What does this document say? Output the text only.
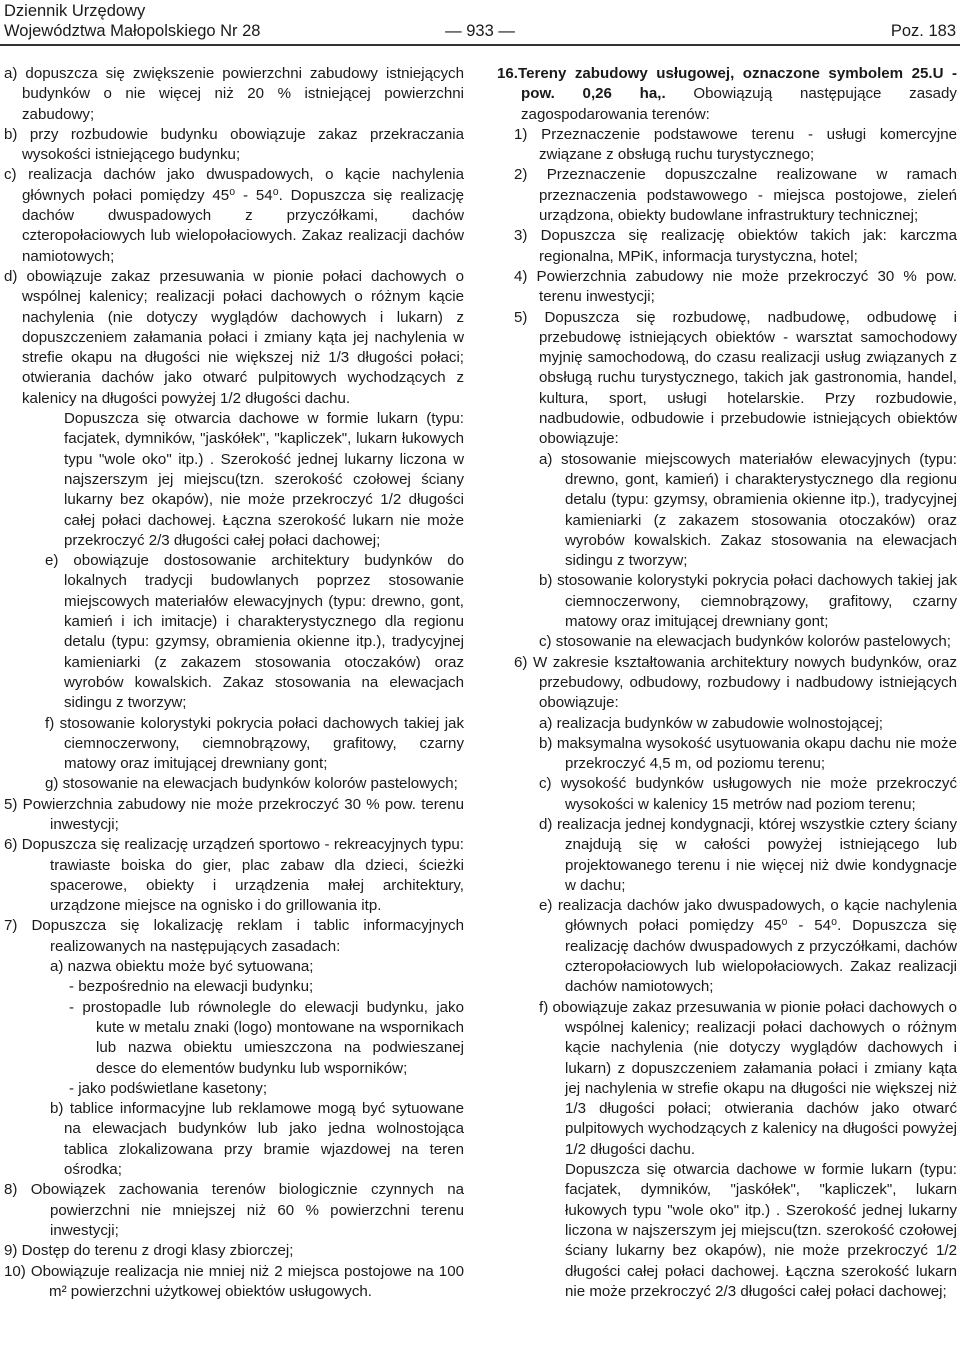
Dziennik Urzędowy
Województwa Małopolskiego Nr 28	— 933 —	Poz. 183

a) dopuszcza się zwiększenie powierzchni zabudowy istniejących budynków o nie więcej niż 20 % istniejącej powierzchni zabudowy;

b) przy rozbudowie budynku obowiązuje zakaz przekraczania wysokości istniejącego budynku;

c) realizacja dachów jako dwuspadowych, o kącie nachylenia głównych połaci pomiędzy 45⁰ - 54⁰. Dopuszcza się realizację dachów dwuspadowych z przyczółkami, dachów czteropołaciowych lub wielopołaciowych. Zakaz realizacji dachów namiotowych;

d) obowiązuje zakaz przesuwania w pionie połaci dachowych o wspólnej kalenicy; realizacji połaci dachowych o różnym kącie nachylenia (nie dotyczy wyglądów dachowych i lukarn) z dopuszczeniem załamania połaci i zmiany kąta jej nachylenia w strefie okapu na długości nie większej niż 1/3 długości połaci; otwierania dachów jako otwarć pulpitowych wychodzących z kalenicy na długości powyżej 1/2 długości dachu.

Dopuszcza się otwarcia dachowe w formie lukarn (typu: facjatek, dymników, "jaskółek", "kapliczek", lukarn łukowych typu "wole oko" itp.) . Szerokość jednej lukarny liczona w najszerszym jej miejscu(tzn. szerokość czołowej ściany lukarny bez okapów), nie może przekroczyć 1/2 długości całej połaci dachowej. Łączna szerokość lukarn nie może przekroczyć 2/3 długości całej połaci dachowej;

e) obowiązuje dostosowanie architektury budynków do lokalnych tradycji budowlanych poprzez stosowanie miejscowych materiałów elewacyjnych (typu: drewno, gont, kamień i ich imitacje) i charakterystycznego dla regionu detalu (typu: gzymsy, obramienia okienne itp.), tradycyjnej kamieniarki (z zakazem stosowania otoczaków) oraz wyrobów kowalskich. Zakaz stosowania na elewacjach sidingu z tworzyw;

f) stosowanie kolorystyki pokrycia połaci dachowych takiej jak ciemnoczerwony, ciemnobrązowy, grafitowy, czarny matowy oraz imitującej drewniany gont;

g) stosowanie na elewacjach budynków kolorów pastelowych;

5) Powierzchnia zabudowy nie może przekroczyć 30 % pow. terenu inwestycji;

6) Dopuszcza się realizację urządzeń sportowo - rekreacyjnych typu: trawiaste boiska do gier, plac zabaw dla dzieci, ścieżki spacerowe, obiekty i urządzenia małej architektury, urządzone miejsce na ognisko i do grillowania itp.

7) Dopuszcza się lokalizację reklam i tablic informacyjnych realizowanych na następujących zasadach:

a) nazwa obiektu może być sytuowana;

- bezpośrednio na elewacji budynku;

- prostopadle lub równolegle do elewacji budynku, jako kute w metalu znaki (logo) montowane na wspornikach lub nazwa obiektu umieszczona na podwieszanej desce do elementów budynku lub wsporników;

- jako podświetlane kasetony;

b) tablice informacyjne lub reklamowe mogą być sytuowane na elewacjach budynków lub jako jedna wolnostojąca tablica zlokalizowana przy bramie wjazdowej na teren ośrodka;

8) Obowiązek zachowania terenów biologicznie czynnych na powierzchni nie mniejszej niż 60 % powierzchni terenu inwestycji;

9) Dostęp do terenu z drogi klasy zbiorczej;

10) Obowiązuje realizacja nie mniej niż 2 miejsca postojowe na 100 m² powierzchni użytkowej obiektów usługowych.

16.Tereny zabudowy usługowej, oznaczone symbolem 25.U - pow. 0,26 ha,. Obowiązują następujące zasady zagospodarowania terenów:

1) Przeznaczenie podstawowe terenu - usługi komercyjne związane z obsługą ruchu turystycznego;

2) Przeznaczenie dopuszczalne realizowane w ramach przeznaczenia podstawowego - miejsca postojowe, zieleń urządzona, obiekty budowlane infrastruktury technicznej;

3) Dopuszcza się realizację obiektów takich jak: karczma regionalna, MPiK, informacja turystyczna, hotel;

4) Powierzchnia zabudowy nie może przekroczyć 30 % pow. terenu inwestycji;

5) Dopuszcza się rozbudowę, nadbudowę, odbudowę i przebudowę istniejących obiektów - warsztat samochodowy myjnię samochodową, do czasu realizacji usług związanych z obsługą ruchu turystycznego, takich jak gastronomia, handel, kultura, sport, usługi hotelarskie. Przy rozbudowie, nadbudowie, odbudowie i przebudowie istniejących obiektów obowiązuje:

a) stosowanie miejscowych materiałów elewacyjnych (typu: drewno, gont, kamień) i charakterystycznego dla regionu detalu (typu: gzymsy, obramienia okienne itp.), tradycyjnej kamieniarki (z zakazem stosowania otoczaków) oraz wyrobów kowalskich. Zakaz stosowania na elewacjach sidingu z tworzyw;

b) stosowanie kolorystyki pokrycia połaci dachowych takiej jak ciemnoczerwony, ciemnobrązowy, grafitowy, czarny matowy oraz imitującej drewniany gont;

c) stosowanie na elewacjach budynków kolorów pastelowych;

6) W zakresie kształtowania architektury nowych budynków, oraz przebudowy, odbudowy, rozbudowy i nadbudowy istniejących obowiązuje:

a) realizacja budynków w zabudowie wolnostojącej;

b) maksymalna wysokość usytuowania okapu dachu nie może przekroczyć 4,5 m, od poziomu terenu;

c) wysokość budynków usługowych nie może przekroczyć wysokości w kalenicy 15 metrów nad poziom terenu;

d) realizacja jednej kondygnacji, której wszystkie cztery ściany znajdują się w całości powyżej istniejącego lub projektowanego terenu i nie więcej niż dwie kondygnacje w dachu;

e) realizacja dachów jako dwuspadowych, o kącie nachylenia głównych połaci pomiędzy 45⁰ - 54⁰. Dopuszcza się realizację dachów dwuspadowych z przyczółkami, dachów czteropołaciowych lub wielopołaciowych. Zakaz realizacji dachów namiotowych;

f) obowiązuje zakaz przesuwania w pionie połaci dachowych o wspólnej kalenicy; realizacji połaci dachowych o różnym kącie nachylenia (nie dotyczy wyglądów dachowych i lukarn) z dopuszczeniem załamania połaci i zmiany kąta jej nachylenia w strefie okapu na długości nie większej niż 1/3 długości połaci; otwierania dachów jako otwarć pulpitowych wychodzących z kalenicy na długości powyżej 1/2 długości dachu.

Dopuszcza się otwarcia dachowe w formie lukarn (typu: facjatek, dymników, "jaskółek", "kapliczek", lukarn łukowych typu "wole oko" itp.) . Szerokość jednej lukarny liczona w najszerszym jej miejscu(tzn. szerokość czołowej ściany lukarny bez okapów), nie może przekroczyć 1/2 długości całej połaci dachowej. Łączna szerokość lukarn nie może przekroczyć 2/3 długości całej połaci dachowej;
